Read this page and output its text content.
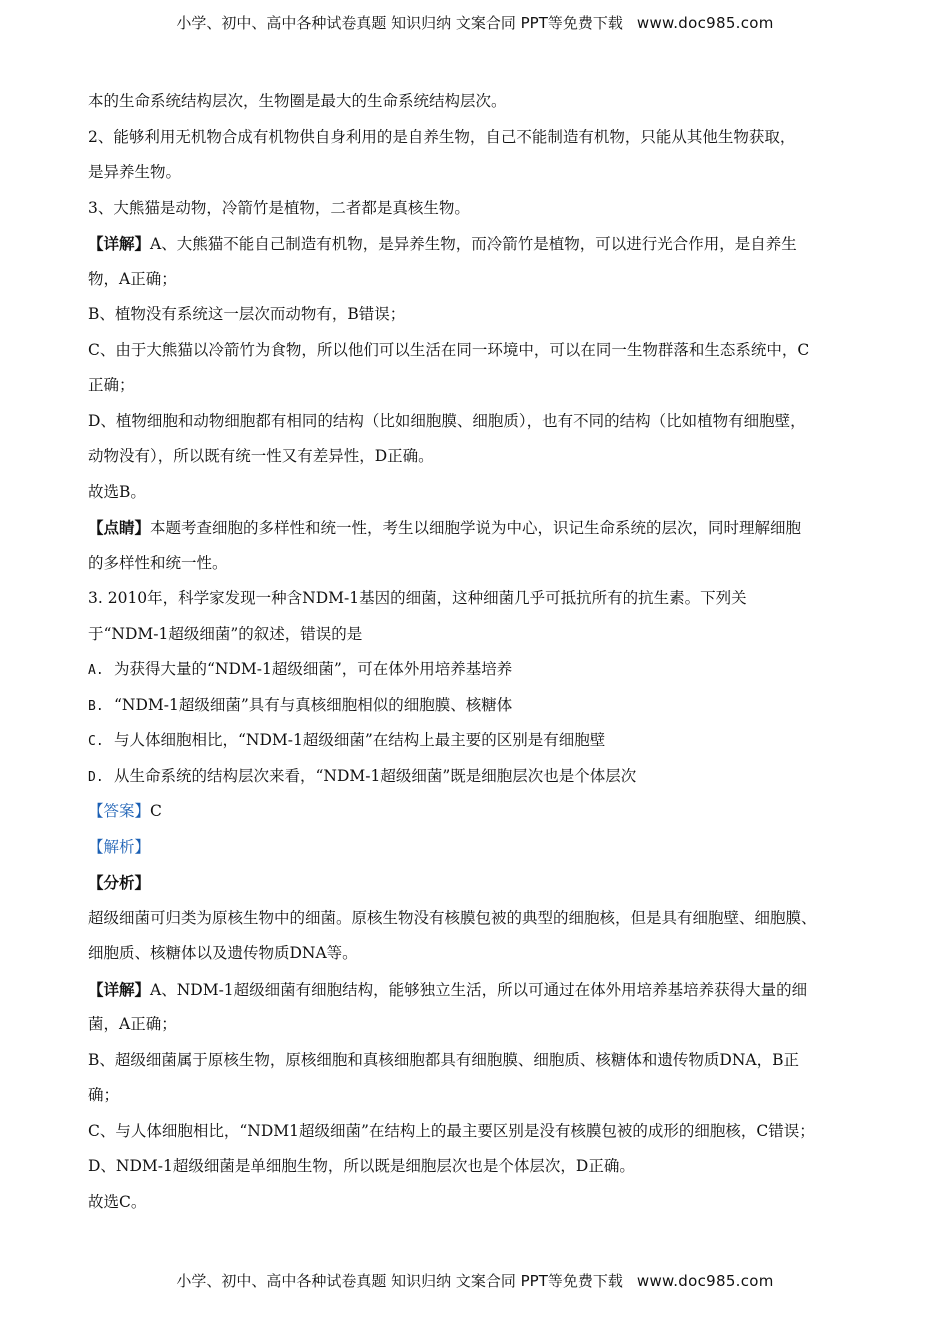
小学、初中、高中各种试卷真题 知识归纳 文案合同 PPT等免费下载 www.doc985.com
本的生命系统结构层次，生物圈是最大的生命系统结构层次。
2、能够利用无机物合成有机物供自身利用的是自养生物，自己不能制造有机物，只能从其他生物获取，
是异养生物。
3、大熊猫是动物，冷箭竹是植物，二者都是真核生物。
【详解】A、大熊猫不能自己制造有机物，是异养生物，而冷箭竹是植物，可以进行光合作用，是自养生
物，A正确；
B、植物没有系统这一层次而动物有，B错误；
C、由于大熊猫以冷箭竹为食物，所以他们可以生活在同一环境中，可以在同一生物群落和生态系统中，C
正确；
D、植物细胞和动物细胞都有相同的结构（比如细胞膜、细胞质），也有不同的结构（比如植物有细胞壁，
动物没有），所以既有统一性又有差异性，D正确。
故选B。
【点睛】本题考查细胞的多样性和统一性，考生以细胞学说为中心，识记生命系统的层次，同时理解细胞
的多样性和统一性。
3. 2010年，科学家发现一种含NDM-1基因的细菌，这种细菌几乎可抵抗所有的抗生素。下列关
于“NDM-1超级细菌”的叙述，错误的是
A. 为获得大量的“NDM-1超级细菌”，可在体外用培养基培养
B. “NDM-1超级细菌”具有与真核细胞相似的细胞膜、核糖体
C. 与人体细胞相比，“NDM-1超级细菌”在结构上最主要的区别是有细胞壁
D. 从生命系统的结构层次来看，“NDM-1超级细菌”既是细胞层次也是个体层次
【答案】C
【解析】
【分析】
超级细菌可归类为原核生物中的细菌。原核生物没有核膜包被的典型的细胞核，但是具有细胞壁、细胞膜、
细胞质、核糖体以及遗传物质DNA等。
【详解】A、NDM-1超级细菌有细胞结构，能够独立生活，所以可通过在体外用培养基培养获得大量的细
菌，A正确；
B、超级细菌属于原核生物，原核细胞和真核细胞都具有细胞膜、细胞质、核糖体和遗传物质DNA，B正
确；
C、与人体细胞相比，“NDM1超级细菌”在结构上的最主要区别是没有核膜包被的成形的细胞核，C错误；
D、NDM-1超级细菌是单细胞生物，所以既是细胞层次也是个体层次，D正确。
故选C。
小学、初中、高中各种试卷真题 知识归纳 文案合同 PPT等免费下载 www.doc985.com
